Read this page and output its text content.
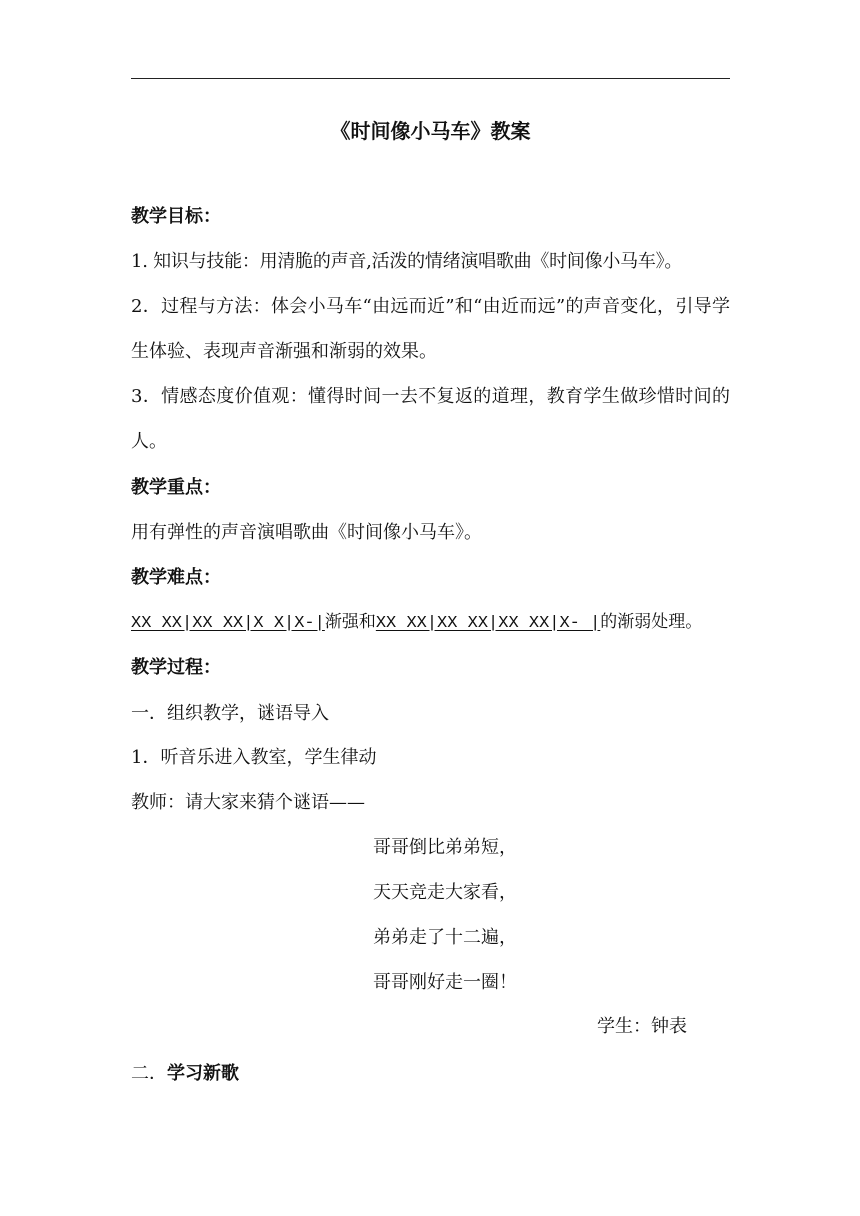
《时间像小马车》教案
教学目标：
1. 知识与技能：用清脆的声音,活泼的情绪演唱歌曲《时间像小马车》。
2．过程与方法：体会小马车“由远而近”和“由近而远”的声音变化，引导学生体验、表现声音渐强和渐弱的效果。
3．情感态度价值观：懂得时间一去不复返的道理，教育学生做珍惜时间的人。
教学重点：
用有弹性的声音演唱歌曲《时间像小马车》。
教学难点：
XX XX|XX XX|X X|X-|渐强和XX XX|XX XX|XX XX|X- |的渐弱处理。
教学过程：
一．组织教学，谜语导入
1．听音乐进入教室，学生律动
教师：请大家来猜个谜语——
哥哥倒比弟弟短，
天天竞走大家看，
弟弟走了十二遍，
哥哥刚好走一圈！
学生：钟表
二．学习新歌
